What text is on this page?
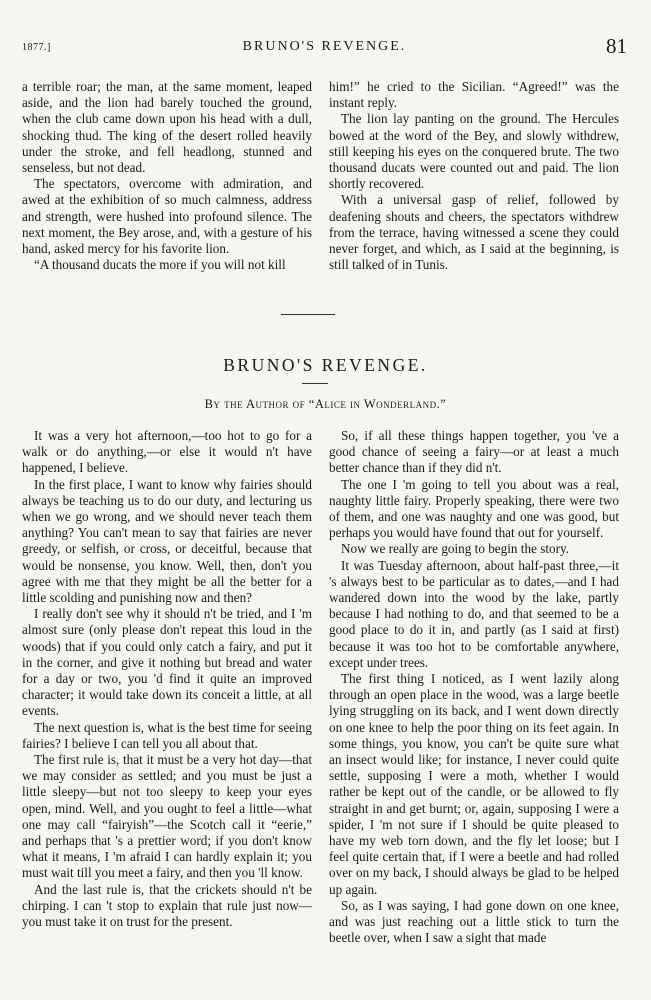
1877.]	BRUNO'S REVENGE.	81

a terrible roar; the man, at the same moment, leaped aside, and the lion had barely touched the ground, when the club came down upon his head with a dull, shocking thud. The king of the desert rolled heavily under the stroke, and fell headlong, stunned and senseless, but not dead.

The spectators, overcome with admiration, and awed at the exhibition of so much calmness, address and strength, were hushed into profound silence. The next moment, the Bey arose, and, with a gesture of his hand, asked mercy for his favorite lion.

“A thousand ducats the more if you will not kill

him!” he cried to the Sicilian. “Agreed!” was the instant reply.

The lion lay panting on the ground. The Hercules bowed at the word of the Bey, and slowly withdrew, still keeping his eyes on the conquered brute. The two thousand ducats were counted out and paid. The lion shortly recovered.

With a universal gasp of relief, followed by deafening shouts and cheers, the spectators withdrew from the terrace, having witnessed a scene they could never forget, and which, as I said at the beginning, is still talked of in Tunis.

BRUNO'S REVENGE.
By the Author of “Alice in Wonderland.”

It was a very hot afternoon,—too hot to go for a walk or do anything,—or else it would n't have happened, I believe.

In the first place, I want to know why fairies should always be teaching us to do our duty, and lecturing us when we go wrong, and we should never teach them anything? You can't mean to say that fairies are never greedy, or selfish, or cross, or deceitful, because that would be nonsense, you know. Well, then, don't you agree with me that they might be all the better for a little scolding and punishing now and then?

I really don't see why it should n't be tried, and I 'm almost sure (only please don't repeat this loud in the woods) that if you could only catch a fairy, and put it in the corner, and give it nothing but bread and water for a day or two, you 'd find it quite an improved character; it would take down its conceit a little, at all events.

The next question is, what is the best time for seeing fairies? I believe I can tell you all about that.

The first rule is, that it must be a very hot day—that we may consider as settled; and you must be just a little sleepy—but not too sleepy to keep your eyes open, mind. Well, and you ought to feel a little—what one may call “fairyish”—the Scotch call it “eerie,” and perhaps that 's a prettier word; if you don't know what it means, I 'm afraid I can hardly explain it; you must wait till you meet a fairy, and then you 'll know.

And the last rule is, that the crickets should n't be chirping. I can 't stop to explain that rule just now—you must take it on trust for the present.

So, if all these things happen together, you 've a good chance of seeing a fairy—or at least a much better chance than if they did n't.

The one I 'm going to tell you about was a real, naughty little fairy. Properly speaking, there were two of them, and one was naughty and one was good, but perhaps you would have found that out for yourself.

Now we really are going to begin the story.

It was Tuesday afternoon, about half-past three,—it 's always best to be particular as to dates,—and I had wandered down into the wood by the lake, partly because I had nothing to do, and that seemed to be a good place to do it in, and partly (as I said at first) because it was too hot to be comfortable anywhere, except under trees.

The first thing I noticed, as I went lazily along through an open place in the wood, was a large beetle lying struggling on its back, and I went down directly on one knee to help the poor thing on its feet again. In some things, you know, you can't be quite sure what an insect would like; for instance, I never could quite settle, supposing I were a moth, whether I would rather be kept out of the candle, or be allowed to fly straight in and get burnt; or, again, supposing I were a spider, I 'm not sure if I should be quite pleased to have my web torn down, and the fly let loose; but I feel quite certain that, if I were a beetle and had rolled over on my back, I should always be glad to be helped up again.

So, as I was saying, I had gone down on one knee, and was just reaching out a little stick to turn the beetle over, when I saw a sight that made
